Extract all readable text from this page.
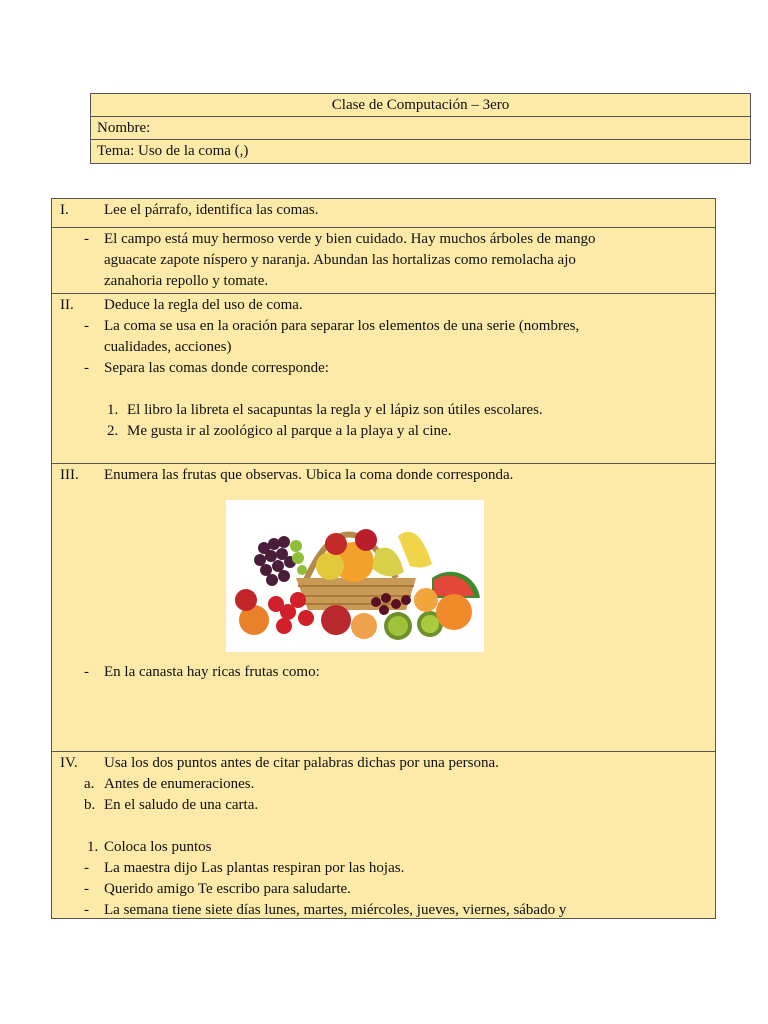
Clase de Computación – 3ero
Nombre:
Tema: Uso de la coma (,)
I.	Lee el párrafo, identifica las comas.
-	El campo está muy hermoso verde y bien cuidado. Hay muchos árboles de mango
aguacate zapote níspero y naranja. Abundan las hortalizas como remolacha ajo
zanahoria repollo y tomate.
II.	Deduce la regla del uso de coma.
-	La coma se usa en la oración para separar los elementos de una serie (nombres,
cualidades, acciones)
-	Separa las comas donde corresponde:
1. El libro la libreta el sacapuntas la regla y el lápiz son útiles escolares.
2. Me gusta ir al zoológico al parque a la playa y al cine.
III.	Enumera las frutas que observas. Ubica la coma donde corresponda.
-	En la canasta hay ricas frutas como:
IV.	Usa los dos puntos antes de citar palabras dichas por una persona.
a. Antes de enumeraciones.
b. En el saludo de una carta.
1. Coloca los puntos
-	La maestra dijo Las plantas respiran por las hojas.
-	Querido amigo Te escribo para saludarte.
-	La semana tiene siete días lunes, martes, miércoles, jueves, viernes, sábado y
